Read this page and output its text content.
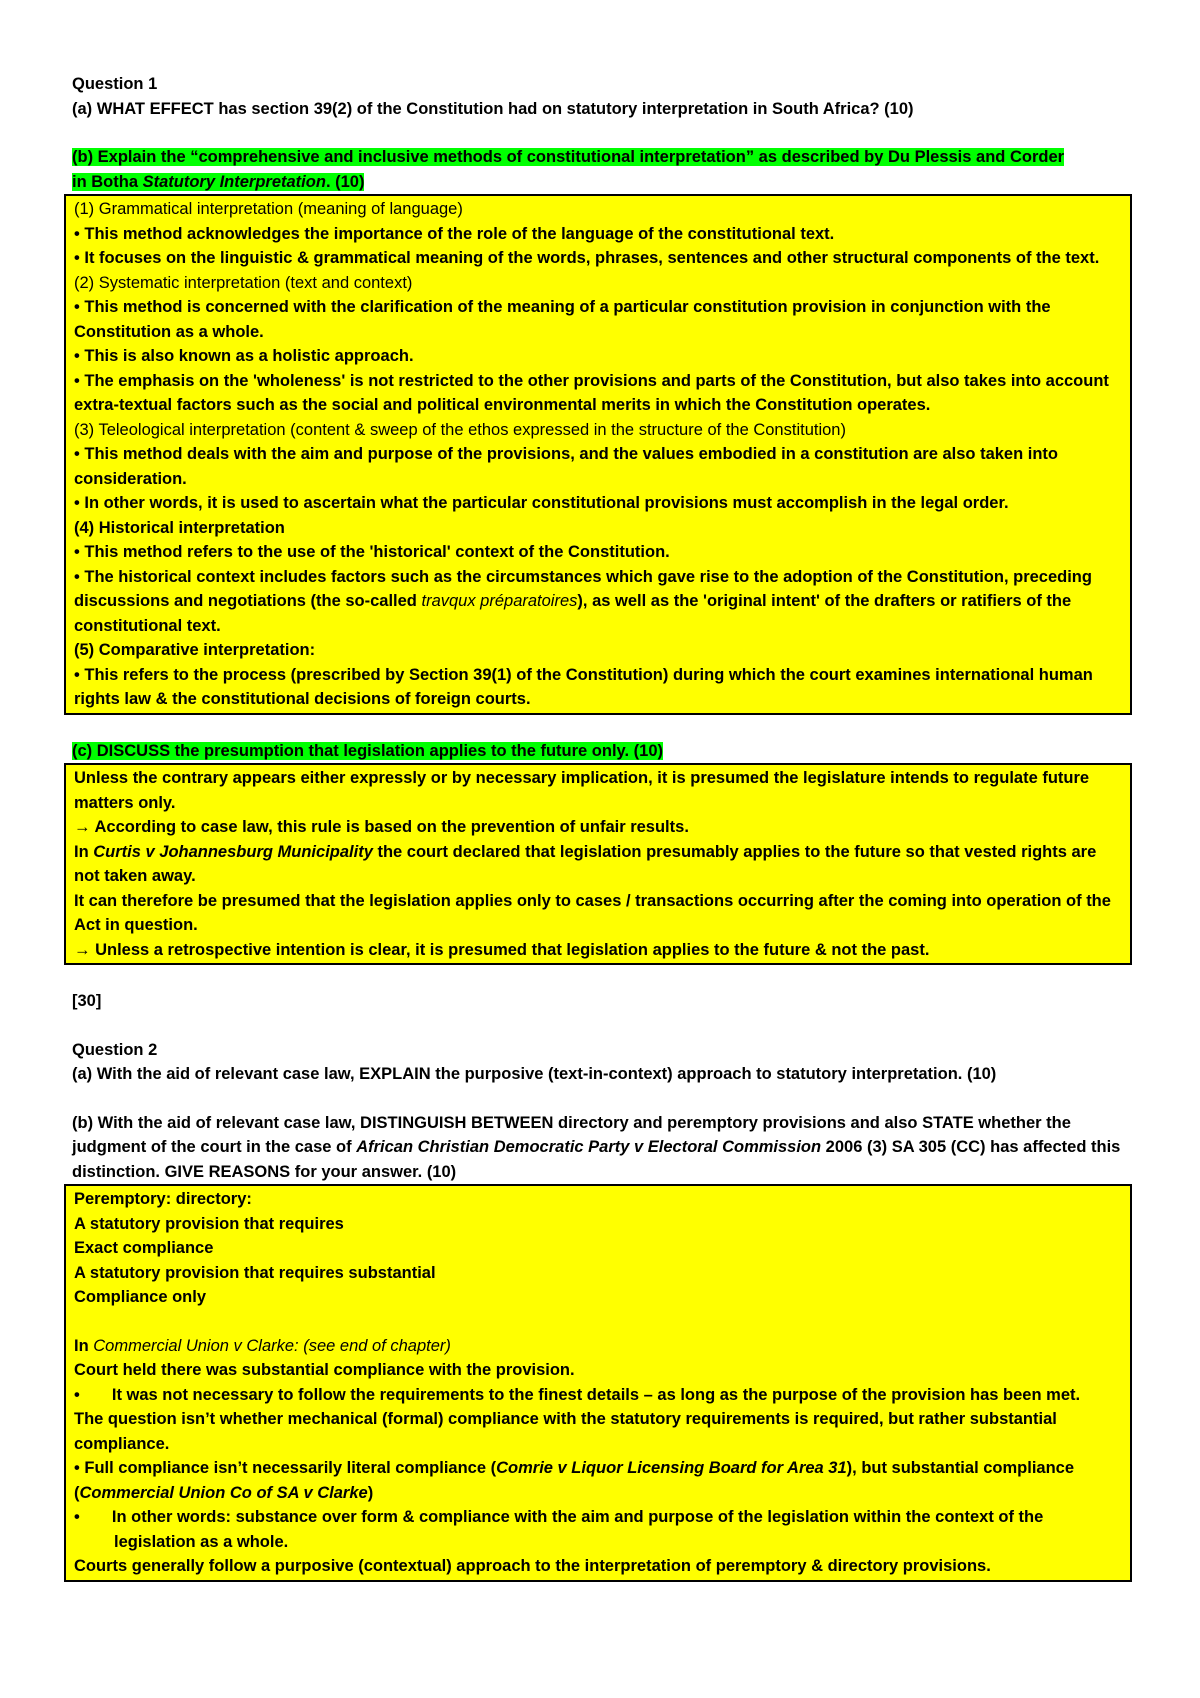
Question 1
(a) WHAT EFFECT has section 39(2) of the Constitution had on statutory interpretation in South Africa? (10)
(b) Explain the “comprehensive and inclusive methods of constitutional interpretation” as described by Du Plessis and Corder
in Botha Statutory Interpretation. (10)
(1) Grammatical interpretation (meaning of language)
• This method acknowledges the importance of the role of the language of the constitutional text.
• It focuses on the linguistic & grammatical meaning of the words, phrases, sentences and other structural components of the text.
(2) Systematic interpretation (text and context)
• This method is concerned with the clarification of the meaning of a particular constitution provision in conjunction with the Constitution as a whole.
• This is also known as a holistic approach.
• The emphasis on the 'wholeness' is not restricted to the other provisions and parts of the Constitution, but also takes into account extra-textual factors such as the social and political environmental merits in which the Constitution operates.
(3) Teleological interpretation (content & sweep of the ethos expressed in the structure of the Constitution)
• This method deals with the aim and purpose of the provisions, and the values embodied in a constitution are also taken into consideration.
• In other words, it is used to ascertain what the particular constitutional provisions must accomplish in the legal order.
(4) Historical interpretation
• This method refers to the use of the 'historical' context of the Constitution.
• The historical context includes factors such as the circumstances which gave rise to the adoption of the Constitution, preceding discussions and negotiations (the so-called travqux préparatoires), as well as the 'original intent' of the drafters or ratifiers of the constitutional text.
(5) Comparative interpretation:
• This refers to the process (prescribed by Section 39(1) of the Constitution) during which the court examines international human rights law & the constitutional decisions of foreign courts.
(c) DISCUSS the presumption that legislation applies to the future only. (10)
Unless the contrary appears either expressly or by necessary implication, it is presumed the legislature intends to regulate future matters only.
→ According to case law, this rule is based on the prevention of unfair results.
In Curtis v Johannesburg Municipality the court declared that legislation presumably applies to the future so that vested rights are not taken away.
It can therefore be presumed that the legislation applies only to cases / transactions occurring after the coming into operation of the Act in question.
→ Unless a retrospective intention is clear, it is presumed that legislation applies to the future & not the past.
[30]
Question 2
(a) With the aid of relevant case law, EXPLAIN the purposive (text-in-context) approach to statutory interpretation. (10)
(b) With the aid of relevant case law, DISTINGUISH BETWEEN directory and peremptory provisions and also STATE whether the judgment of the court in the case of African Christian Democratic Party v Electoral Commission 2006 (3) SA 305 (CC) has affected this distinction. GIVE REASONS for your answer. (10)
Peremptory: directory:
A statutory provision that requires
Exact compliance
A statutory provision that requires substantial
Compliance only
In Commercial Union v Clarke: (see end of chapter)
Court held there was substantial compliance with the provision.
•       It was not necessary to follow the requirements to the finest details – as long as the purpose of the provision has been met.
The question isn’t whether mechanical (formal) compliance with the statutory requirements is required, but rather substantial compliance.
• Full compliance isn’t necessarily literal compliance (Comrie v Liquor Licensing Board for Area 31), but substantial compliance (Commercial Union Co of SA v Clarke)
•       In other words: substance over form & compliance with the aim and purpose of the legislation within the context of the legislation as a whole.
Courts generally follow a purposive (contextual) approach to the interpretation of peremptory & directory provisions.
